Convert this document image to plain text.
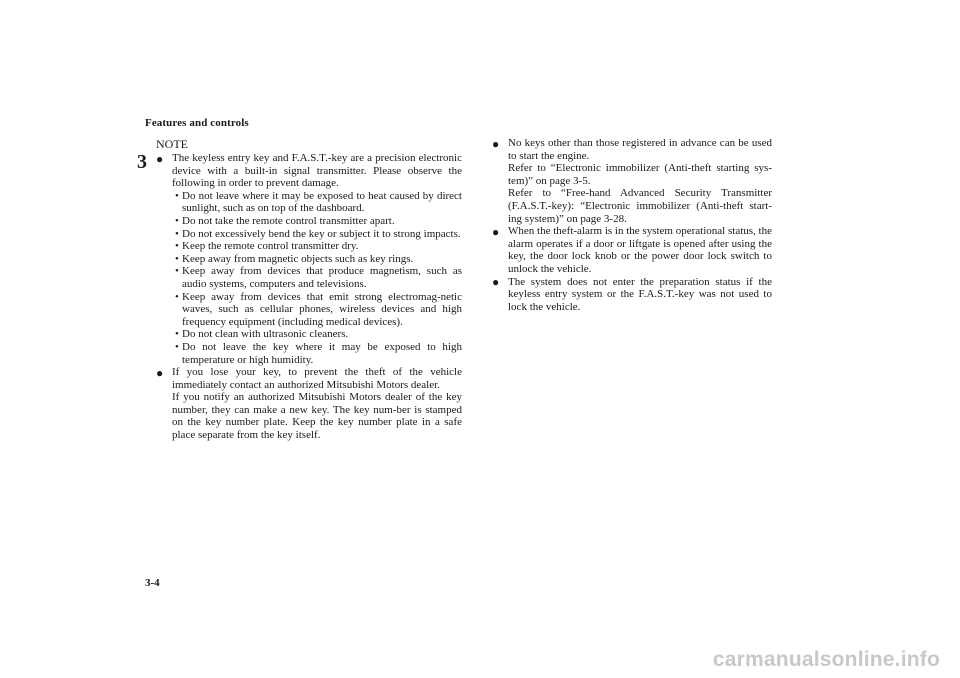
Features and controls
3
NOTE
● The keyless entry key and F.A.S.T.-key are a precision electronic device with a built-in signal transmitter. Please observe the following in order to prevent damage.

• Do not leave where it may be exposed to heat caused by direct sunlight, such as on top of the dashboard.
• Do not take the remote control transmitter apart.
• Do not excessively bend the key or subject it to strong impacts.
• Keep the remote control transmitter dry.
• Keep away from magnetic objects such as key rings.
• Keep away from devices that produce magnetism, such as audio systems, computers and televisions.
• Keep away from devices that emit strong electromag-netic waves, such as cellular phones, wireless devices and high frequency equipment (including medical devices).
• Do not clean with ultrasonic cleaners.
• Do not leave the key where it may be exposed to high temperature or high humidity.
● If you lose your key, to prevent the theft of the vehicle immediately contact an authorized Mitsubishi Motors dealer.

If you notify an authorized Mitsubishi Motors dealer of the key number, they can make a new key. The key num-ber is stamped on the key number plate. Keep the key number plate in a safe place separate from the key itself.

● No keys other than those registered in advance can be used to start the engine.

Refer to “Electronic immobilizer (Anti-theft starting sys-tem)” on page 3-5.

Refer to “Free-hand Advanced Security Transmitter (F.A.S.T.-key): “Electronic immobilizer (Anti-theft start-ing system)” on page 3-28.

● When the theft-alarm is in the system operational status, the alarm operates if a door or liftgate is opened after using the key, the door lock knob or the power door lock switch to unlock the vehicle.

● The system does not enter the preparation status if the keyless entry system or the F.A.S.T.-key was not used to lock the vehicle.

3-4
carmanualsonline.info
